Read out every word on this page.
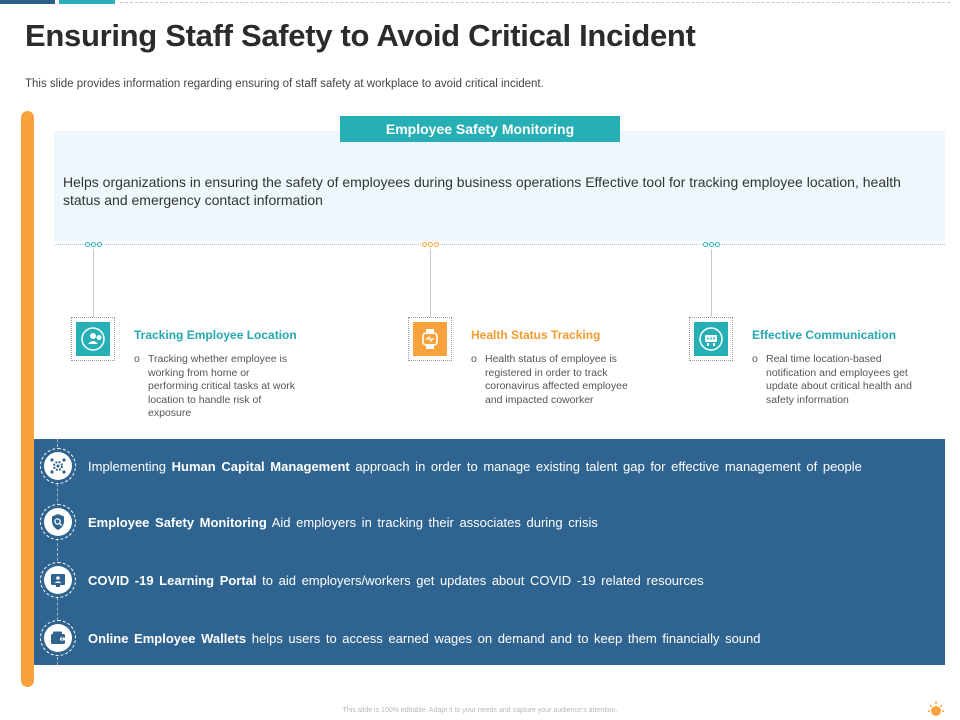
Ensuring Staff Safety to Avoid Critical Incident

This slide provides information regarding ensuring of staff safety at workplace to avoid critical incident.

Employee Safety Monitoring

Helps organizations in ensuring the safety of employees during business operations Effective tool for tracking employee location, health status and emergency contact information

Tracking Employee Location
o Tracking whether employee is working from home or performing critical tasks at work location to handle risk of exposure

Health Status Tracking
o Health status of employee is registered in order to track coronavirus affected employee and impacted coworker

Effective Communication
o Real time location-based notification and employees get update about critical health and safety information

Implementing Human Capital Management approach in order to manage existing talent gap for effective management of people

Employee Safety Monitoring Aid employers in tracking their associates during crisis

COVID -19 Learning Portal to aid employers/workers get updates about COVID -19 related resources

Online Employee Wallets helps users to access earned wages on demand and to keep them financially sound

This slide is 100% editable. Adapt it to your needs and capture your audience's attention.
